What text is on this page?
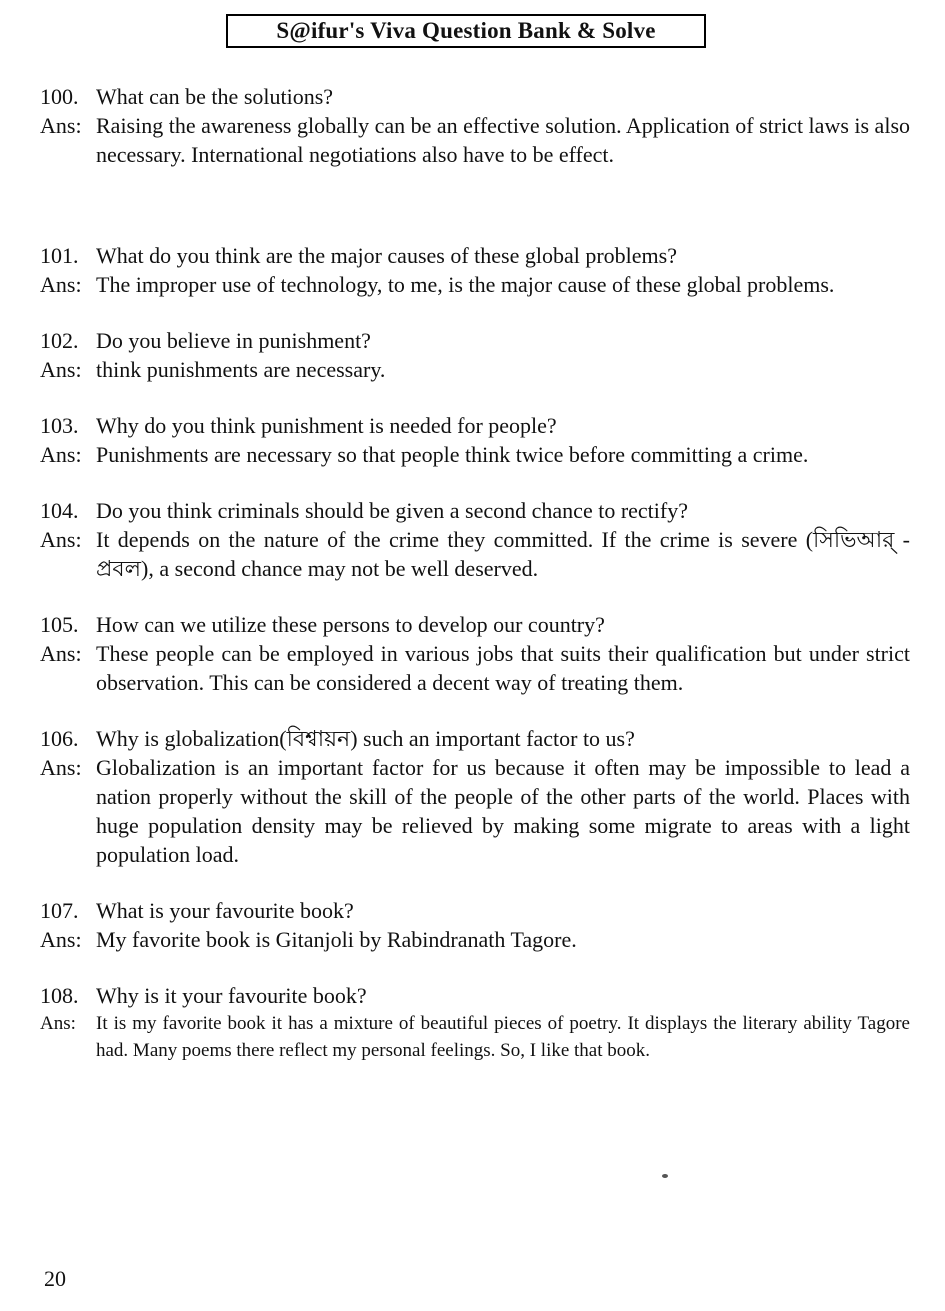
S@ifur's Viva Question Bank & Solve
100. What can be the solutions?
Ans: Raising the awareness globally can be an effective solution. Application of strict laws is also necessary. International negotiations also have to be effect.
101. What do you think are the major causes of these global problems?
Ans: The improper use of technology, to me, is the major cause of these global problems.
102. Do you believe in punishment?
Ans: think punishments are necessary.
103. Why do you think punishment is needed for people?
Ans: Punishments are necessary so that people think twice before committing a crime.
104. Do you think criminals should be given a second chance to rectify?
Ans: It depends on the nature of the crime they committed. If the crime is severe (সিভিআর্ - প্রবল), a second chance may not be well deserved.
105. How can we utilize these persons to develop our country?
Ans: These people can be employed in various jobs that suits their qualification but under strict observation. This can be considered a decent way of treating them.
106. Why is globalization(বিশ্বায়ন) such an important factor to us?
Ans: Globalization is an important factor for us because it often may be impossible to lead a nation properly without the skill of the people of the other parts of the world. Places with huge population density may be relieved by making some migrate to areas with a light population load.
107. What is your favourite book?
Ans: My favorite book is Gitanjoli by Rabindranath Tagore.
108. Why is it your favourite book?
Ans:	It is my favorite book it has a mixture of beautiful pieces of poetry. It displays the literary ability Tagore had. Many poems there reflect my personal feelings. So, I like that book.
20
